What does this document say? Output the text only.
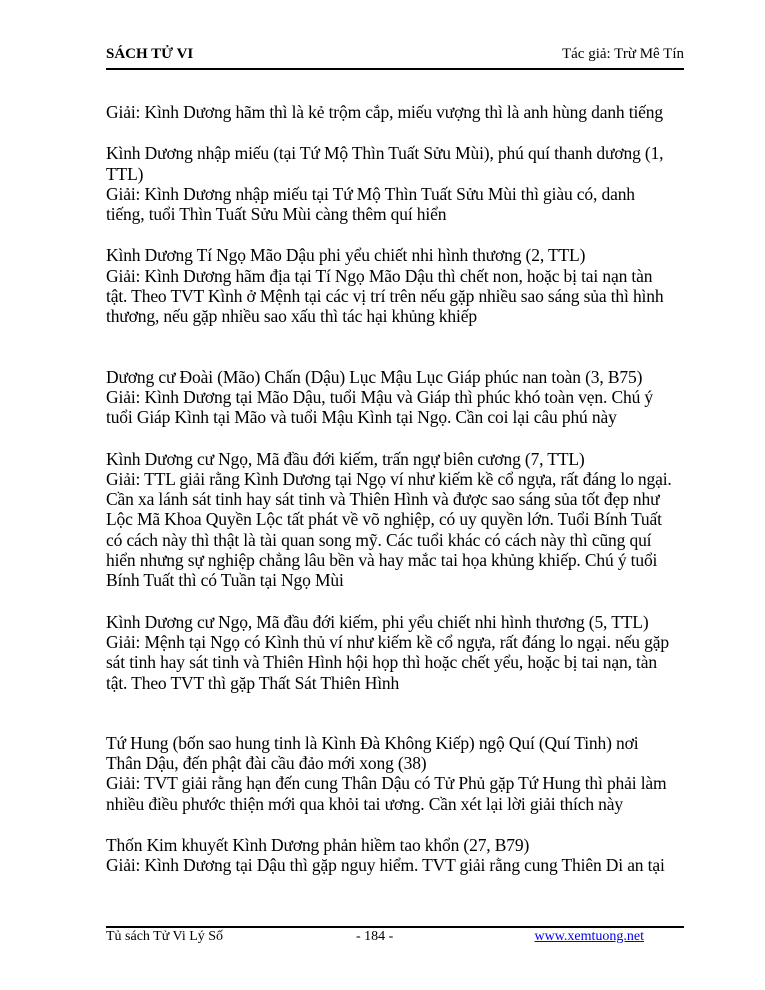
SÁCH TỬ VI	Tác giả: Trừ Mê Tín

Giải: Kình Dương hãm thì là kẻ trộm cắp, miếu vượng thì là anh hùng danh tiếng

Kình Dương nhập miếu (tại Tứ Mộ Thìn Tuất Sửu Mùi), phú quí thanh dương (1,
TTL)
Giải: Kình Dương nhập miếu tại Tứ Mộ Thìn Tuất Sửu Mùi thì giàu có, danh
tiếng, tuổi Thìn Tuất Sửu Mùi càng thêm quí hiển

Kình Dương Tí Ngọ Mão Dậu phi yểu chiết nhi hình thương (2, TTL)
Giải: Kình Dương hãm địa tại Tí Ngọ Mão Dậu thì chết non, hoặc bị tai nạn tàn
tật. Theo TVT Kình ở Mệnh tại các vị trí trên nếu gặp nhiều sao sáng sủa thì hình
thương, nếu gặp nhiều sao xấu thì tác hại khủng khiếp

Dương cư Đoài (Mão) Chấn (Dậu) Lục Mậu Lục Giáp phúc nan toàn (3, B75)
Giải: Kình Dương tại Mão Dậu, tuổi Mậu và Giáp thì phúc khó toàn vẹn. Chú ý
tuổi Giáp Kình tại Mão và tuổi Mậu Kình tại Ngọ. Cần coi lại câu phú này

Kình Dương cư Ngọ, Mã đầu đới kiếm, trấn ngự biên cương (7, TTL)
Giải: TTL giải rằng Kình Dương tại Ngọ ví như kiếm kề cổ ngựa, rất đáng lo ngại.
Cần xa lánh sát tinh hay sát tinh và Thiên Hình và được sao sáng sủa tốt đẹp như
Lộc Mã Khoa Quyền Lộc tất phát về võ nghiệp, có uy quyền lớn. Tuổi Bính Tuất
có cách này thì thật là tài quan song mỹ. Các tuổi khác có cách này thì cũng quí
hiển nhưng sự nghiệp chẳng lâu bền và hay mắc tai họa khủng khiếp. Chú ý tuổi
Bính Tuất thì có Tuần tại Ngọ Mùi

Kình Dương cư Ngọ, Mã đầu đới kiếm, phi yểu chiết nhi hình thương (5, TTL)
Giải: Mệnh tại Ngọ có Kình thủ ví như kiếm kề cổ ngựa, rất đáng lo ngại. nếu gặp
sát tinh hay sát tinh và Thiên Hình hội họp thì hoặc chết yểu, hoặc bị tai nạn, tàn
tật. Theo TVT thì gặp Thất Sát Thiên Hình

Tứ Hung (bốn sao hung tinh là Kình Đà Không Kiếp) ngộ Quí (Quí Tinh) nơi
Thân Dậu, đến phật đài cầu đảo mới xong (38)
Giải: TVT giải rằng hạn đến cung Thân Dậu có Tử Phủ gặp Tứ Hung thì phải làm
nhiều điều phước thiện mới qua khỏi tai ương. Cần xét lại lời giải thích này

Thốn Kim khuyết Kình Dương phản hiềm tao khổn (27, B79)
Giải: Kình Dương tại Dậu thì gặp nguy hiểm. TVT giải rằng cung Thiên Di an tại

Tủ sách Tử Vi Lý Số	- 184 -	www.xemtuong.net
